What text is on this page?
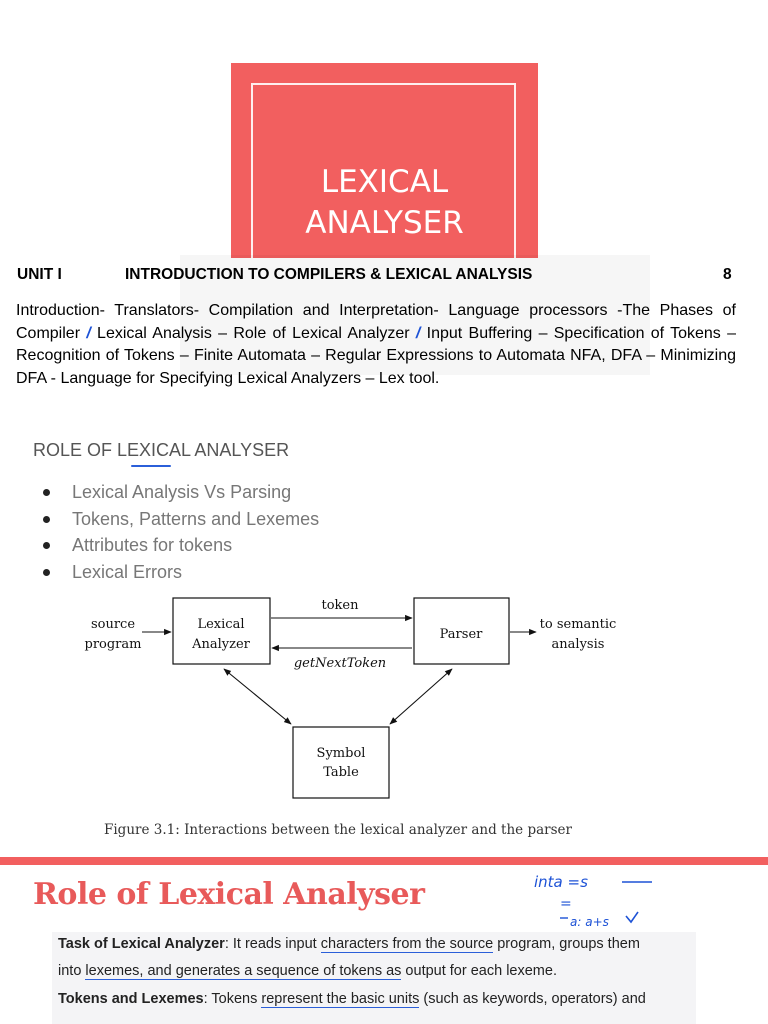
LEXICAL
ANALYSER
UNIT I	INTRODUCTION TO COMPILERS & LEXICAL ANALYSIS	8
Introduction- Translators- Compilation and Interpretation- Language processors -The Phases of Compiler / Lexical Analysis – Role of Lexical Analyzer / Input Buffering – Specification of Tokens – Recognition of Tokens – Finite Automata – Regular Expressions to Automata NFA, DFA – Minimizing DFA - Language for Specifying Lexical Analyzers – Lex tool.
ROLE OF LEXICAL ANALYSER
Lexical Analysis Vs Parsing
Tokens, Patterns and Lexemes
Attributes for tokens
Lexical Errors
source
program
Lexical
Analyzer
token
getNextToken
Parser
to semantic
analysis
Symbol
Table
Figure 3.1: Interactions between the lexical analyzer and the parser
Role of Lexical Analyser	inta =s
=
a: a+s
Task of Lexical Analyzer: It reads input characters from the source program, groups them
into lexemes, and generates a sequence of tokens as output for each lexeme.
Tokens and Lexemes: Tokens represent the basic units (such as keywords, operators) and
